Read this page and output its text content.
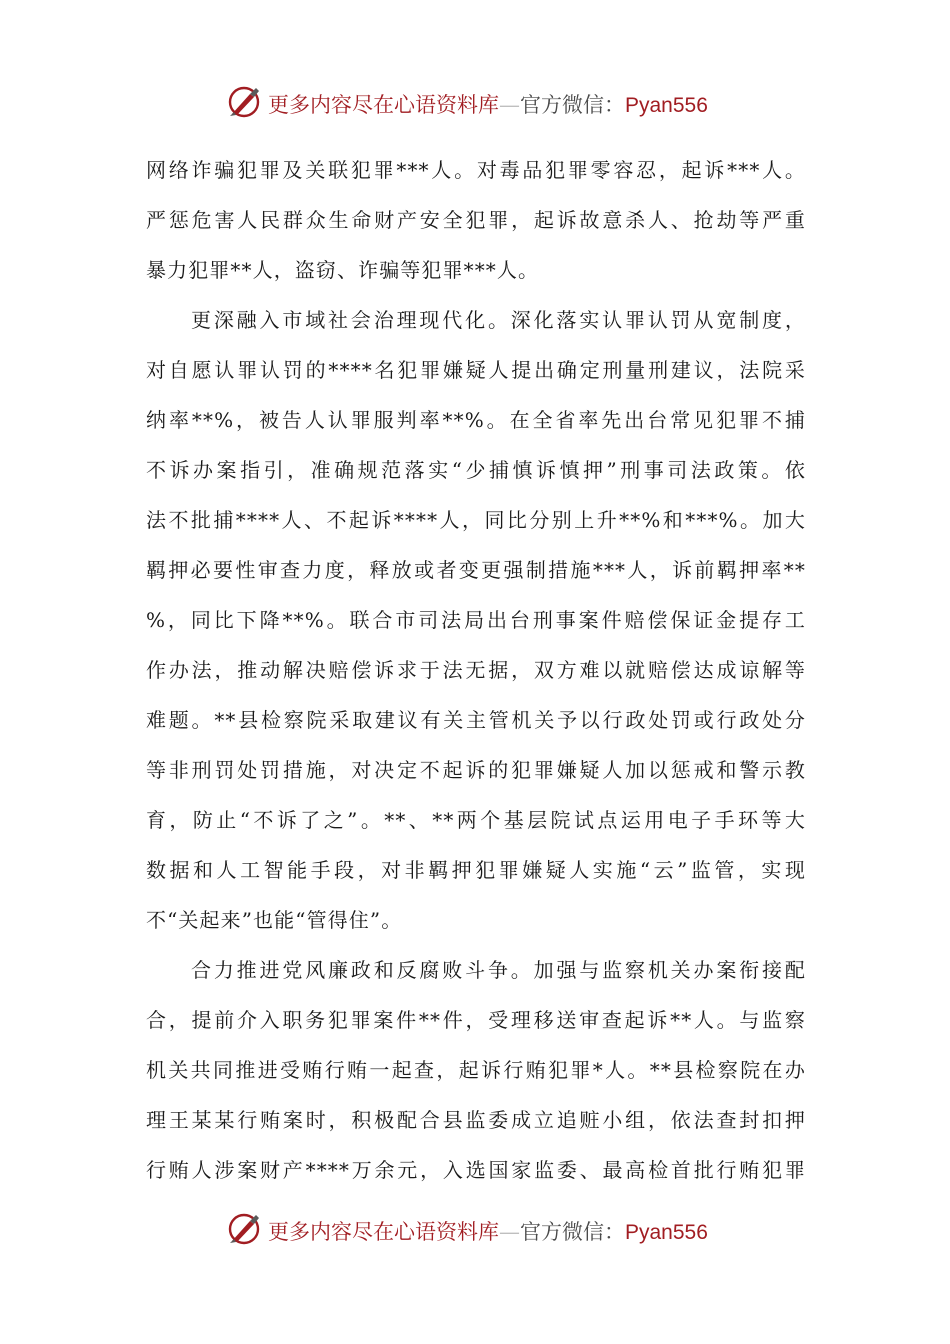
更多内容尽在心语资料库—官方微信：Pyan556
网络诈骗犯罪及关联犯罪***人。对毒品犯罪零容忍，起诉***人。
严惩危害人民群众生命财产安全犯罪，起诉故意杀人、抢劫等严重
暴力犯罪**人，盗窃、诈骗等犯罪***人。
更深融入市域社会治理现代化。深化落实认罪认罚从宽制度，
对自愿认罪认罚的****名犯罪嫌疑人提出确定刑量刑建议，法院采
纳率**%，被告人认罪服判率**%。在全省率先出台常见犯罪不捕
不诉办案指引，准确规范落实“少捕慎诉慎押”刑事司法政策。依
法不批捕****人、不起诉****人，同比分别上升**%和***%。加大
羁押必要性审查力度，释放或者变更强制措施***人，诉前羁押率**
%，同比下降**%。联合市司法局出台刑事案件赔偿保证金提存工
作办法，推动解决赔偿诉求于法无据，双方难以就赔偿达成谅解等
难题。**县检察院采取建议有关主管机关予以行政处罚或行政处分
等非刑罚处罚措施，对决定不起诉的犯罪嫌疑人加以惩戒和警示教
育，防止“不诉了之”。**、**两个基层院试点运用电子手环等大
数据和人工智能手段，对非羁押犯罪嫌疑人实施“云”监管，实现
不“关起来”也能“管得住”。
合力推进党风廉政和反腐败斗争。加强与监察机关办案衔接配
合，提前介入职务犯罪案件**件，受理移送审查起诉**人。与监察
机关共同推进受贿行贿一起查，起诉行贿犯罪*人。**县检察院在办
理王某某行贿案时，积极配合县监委成立追赃小组，依法查封扣押
行贿人涉案财产****万余元，入选国家监委、最高检首批行贿犯罪
更多内容尽在心语资料库—官方微信：Pyan556
